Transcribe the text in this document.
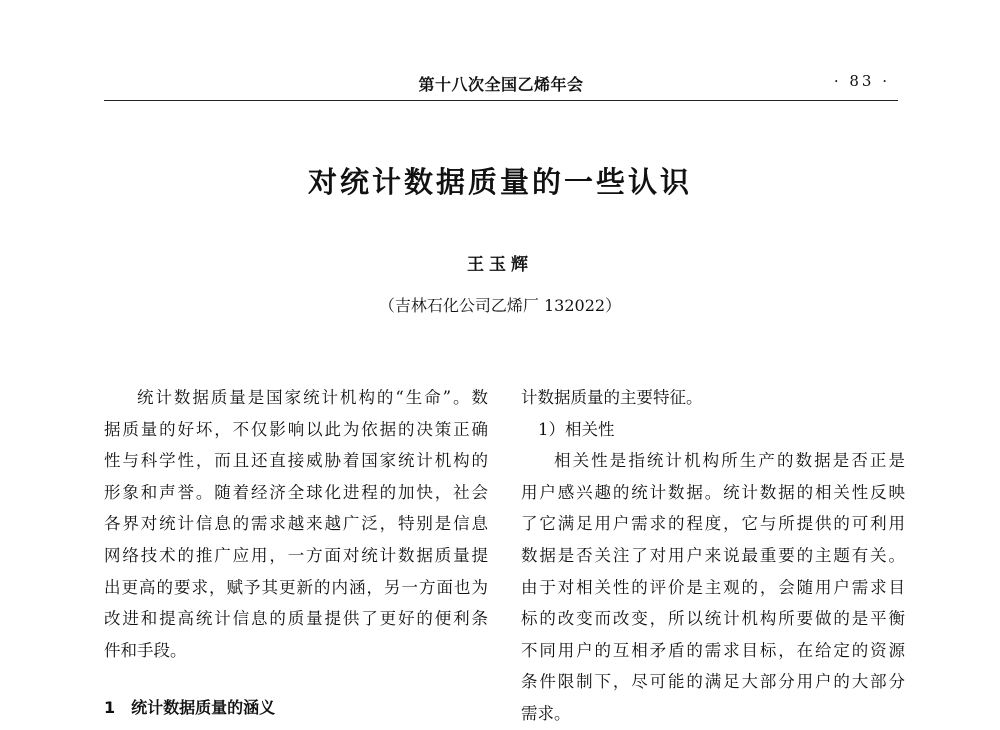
第十八次全国乙烯年会	· 83 ·
对统计数据质量的一些认识
王玉辉
（吉林石化公司乙烯厂 132022）
统计数据质量是国家统计机构的“生命”。数
据质量的好坏，不仅影响以此为依据的决策正确
性与科学性，而且还直接威胁着国家统计机构的
形象和声誉。随着经济全球化进程的加快，社会
各界对统计信息的需求越来越广泛，特别是信息
网络技术的推广应用，一方面对统计数据质量提
出更高的要求，赋予其更新的内涵，另一方面也为
改进和提高统计信息的质量提供了更好的便利条
件和手段。
1　统计数据质量的涵义
计数据质量的主要特征。
1）相关性
相关性是指统计机构所生产的数据是否正是
用户感兴趣的统计数据。统计数据的相关性反映
了它满足用户需求的程度，它与所提供的可利用
数据是否关注了对用户来说最重要的主题有关。
由于对相关性的评价是主观的，会随用户需求目
标的改变而改变，所以统计机构所要做的是平衡
不同用户的互相矛盾的需求目标，在给定的资源
条件限制下，尽可能的满足大部分用户的大部分
需求。
